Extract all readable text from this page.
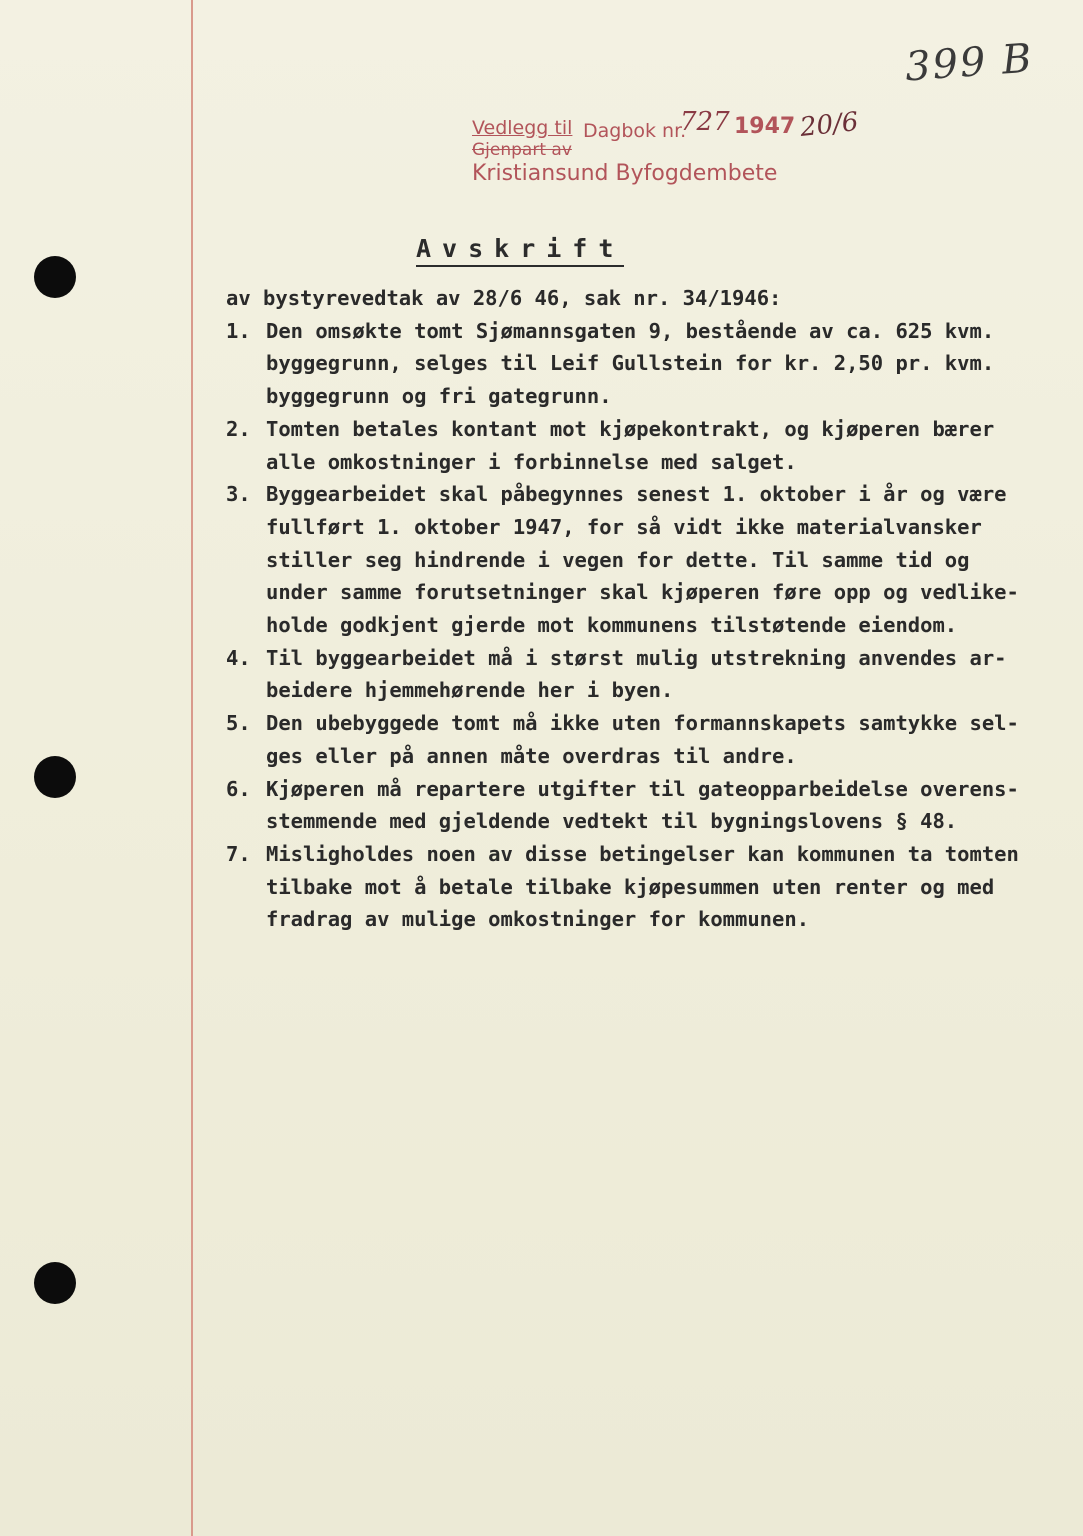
399 B
Vedlegg til Dagbok nr.
727 1947 20/6
Gjenpart av
Kristiansund Byfogdembete
Avskrift
av bystyrevedtak av 28/6 46, sak nr. 34/1946:
1. Den omsøkte tomt Sjømannsgaten 9, bestående av ca. 625 kvm.
byggegrunn, selges til Leif Gullstein for kr. 2,50 pr. kvm.
byggegrunn og fri gategrunn.
2. Tomten betales kontant mot kjøpekontrakt, og kjøperen bærer
alle omkostninger i forbinnelse med salget.
3. Byggearbeidet skal påbegynnes senest 1. oktober i år og være
fullført 1. oktober 1947, for så vidt ikke materialvansker
stiller seg hindrende i vegen for dette. Til samme tid og
under samme forutsetninger skal kjøperen føre opp og vedlike-
holde godkjent gjerde mot kommunens tilstøtende eiendom.
4. Til byggearbeidet må i størst mulig utstrekning anvendes ar-
beidere hjemmehørende her i byen.
5. Den ubebyggede tomt må ikke uten formannskapets samtykke sel-
ges eller på annen måte overdras til andre.
6. Kjøperen må repartere utgifter til gateopparbeidelse overens-
stemmende med gjeldende vedtekt til bygningslovens § 48.
7. Misligholdes noen av disse betingelser kan kommunen ta tomten
tilbake mot å betale tilbake kjøpesummen uten renter og med
fradrag av mulige omkostninger for kommunen.
